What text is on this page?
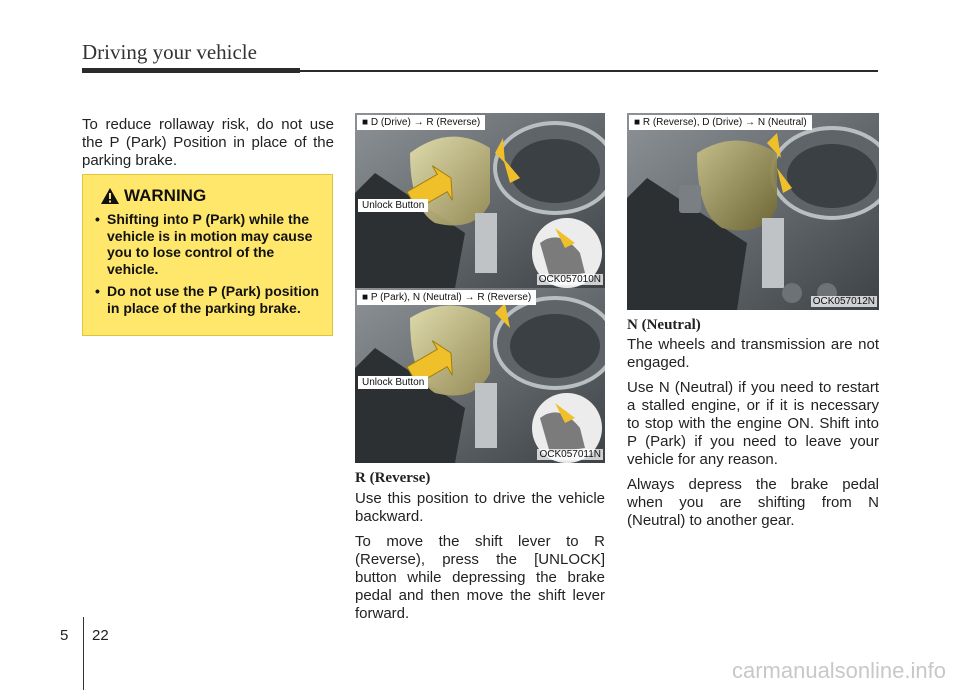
Driving your vehicle

To reduce rollaway risk, do not use the P (Park) Position in place of the parking brake.

WARNING
• Shifting into P (Park) while the vehicle is in motion may cause you to lose control of the vehicle.
• Do not use the P (Park) position in place of the parking brake.
■ D (Drive) → R (Reverse)
Unlock Button
OCK057010N
■ P (Park), N (Neutral) → R (Reverse)
Unlock Button
OCK057011N
■ R (Reverse), D (Drive) → N (Neutral)
OCK057012N

R (Reverse)

Use this position to drive the vehicle backward.

To move the shift lever to R (Reverse), press the [UNLOCK] button while depressing the brake pedal and then move the shift lever forward.

N (Neutral)

The wheels and transmission are not engaged.

Use N (Neutral) if you need to restart a stalled engine, or if it is necessary to stop with the engine ON. Shift into P (Park) if you need to leave your vehicle for any reason.

Always depress the brake pedal when you are shifting from N (Neutral) to another gear.

5 22
carmanualsonline.info
